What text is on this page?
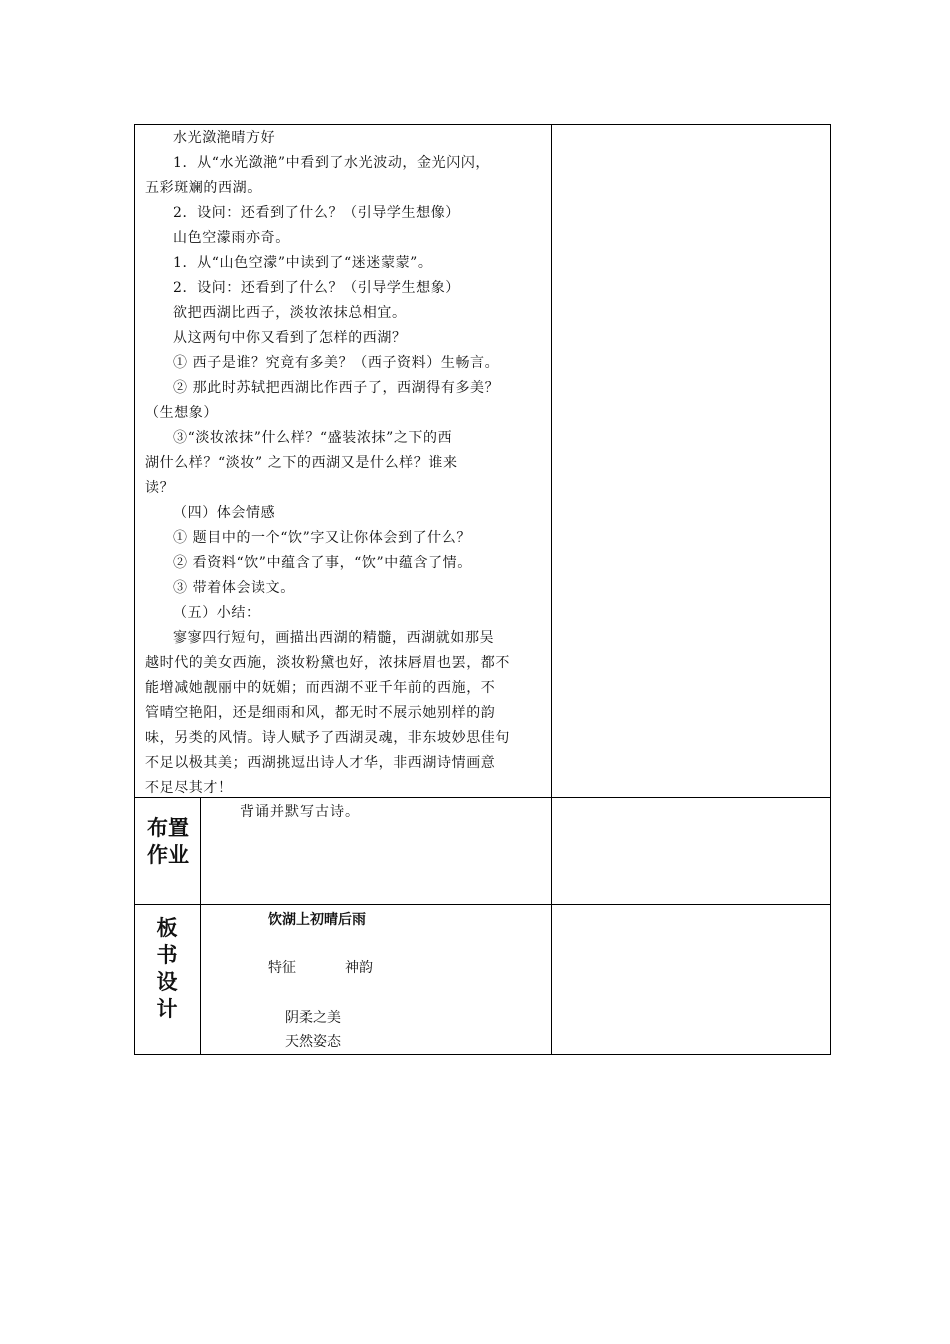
水光潋滟晴方好

1．从“水光潋滟”中看到了水光波动，金光闪闪，

五彩斑斓的西湖。

2．设问：还看到了什么？（引导学生想像）

山色空濛雨亦奇。

1．从“山色空濛”中读到了“迷迷蒙蒙”。

2．设问：还看到了什么？（引导学生想象）

欲把西湖比西子，淡妆浓抹总相宜。

从这两句中你又看到了怎样的西湖？

① 西子是谁？究竟有多美？（西子资料）生畅言。

② 那此时苏轼把西湖比作西子了，西湖得有多美？

（生想象）

③“淡妆浓抹”什么样？“盛装浓抹”之下的西

湖什么样？“淡妆” 之下的西湖又是什么样？谁来

读？

（四）体会情感

① 题目中的一个“饮”字又让你体会到了什么？

② 看资料“饮”中蕴含了事，“饮”中蕴含了情。

③ 带着体会读文。

（五）小结：

寥寥四行短句，画描出西湖的精髓，西湖就如那吴

越时代的美女西施，淡妆粉黛也好，浓抹唇眉也罢，都不

能增减她靓丽中的妩媚；而西湖不亚千年前的西施，不

管晴空艳阳，还是细雨和风，都无时不展示她别样的韵

味，另类的风情。诗人赋予了西湖灵魂，非东坡妙思佳句

不足以极其美；西湖挑逗出诗人才华，非西湖诗情画意

不足尽其才！

布置
作业
背诵并默写古诗。
板
书
设
计
饮湖上初晴后雨
特征	神韵
阴柔之美
天然姿态
